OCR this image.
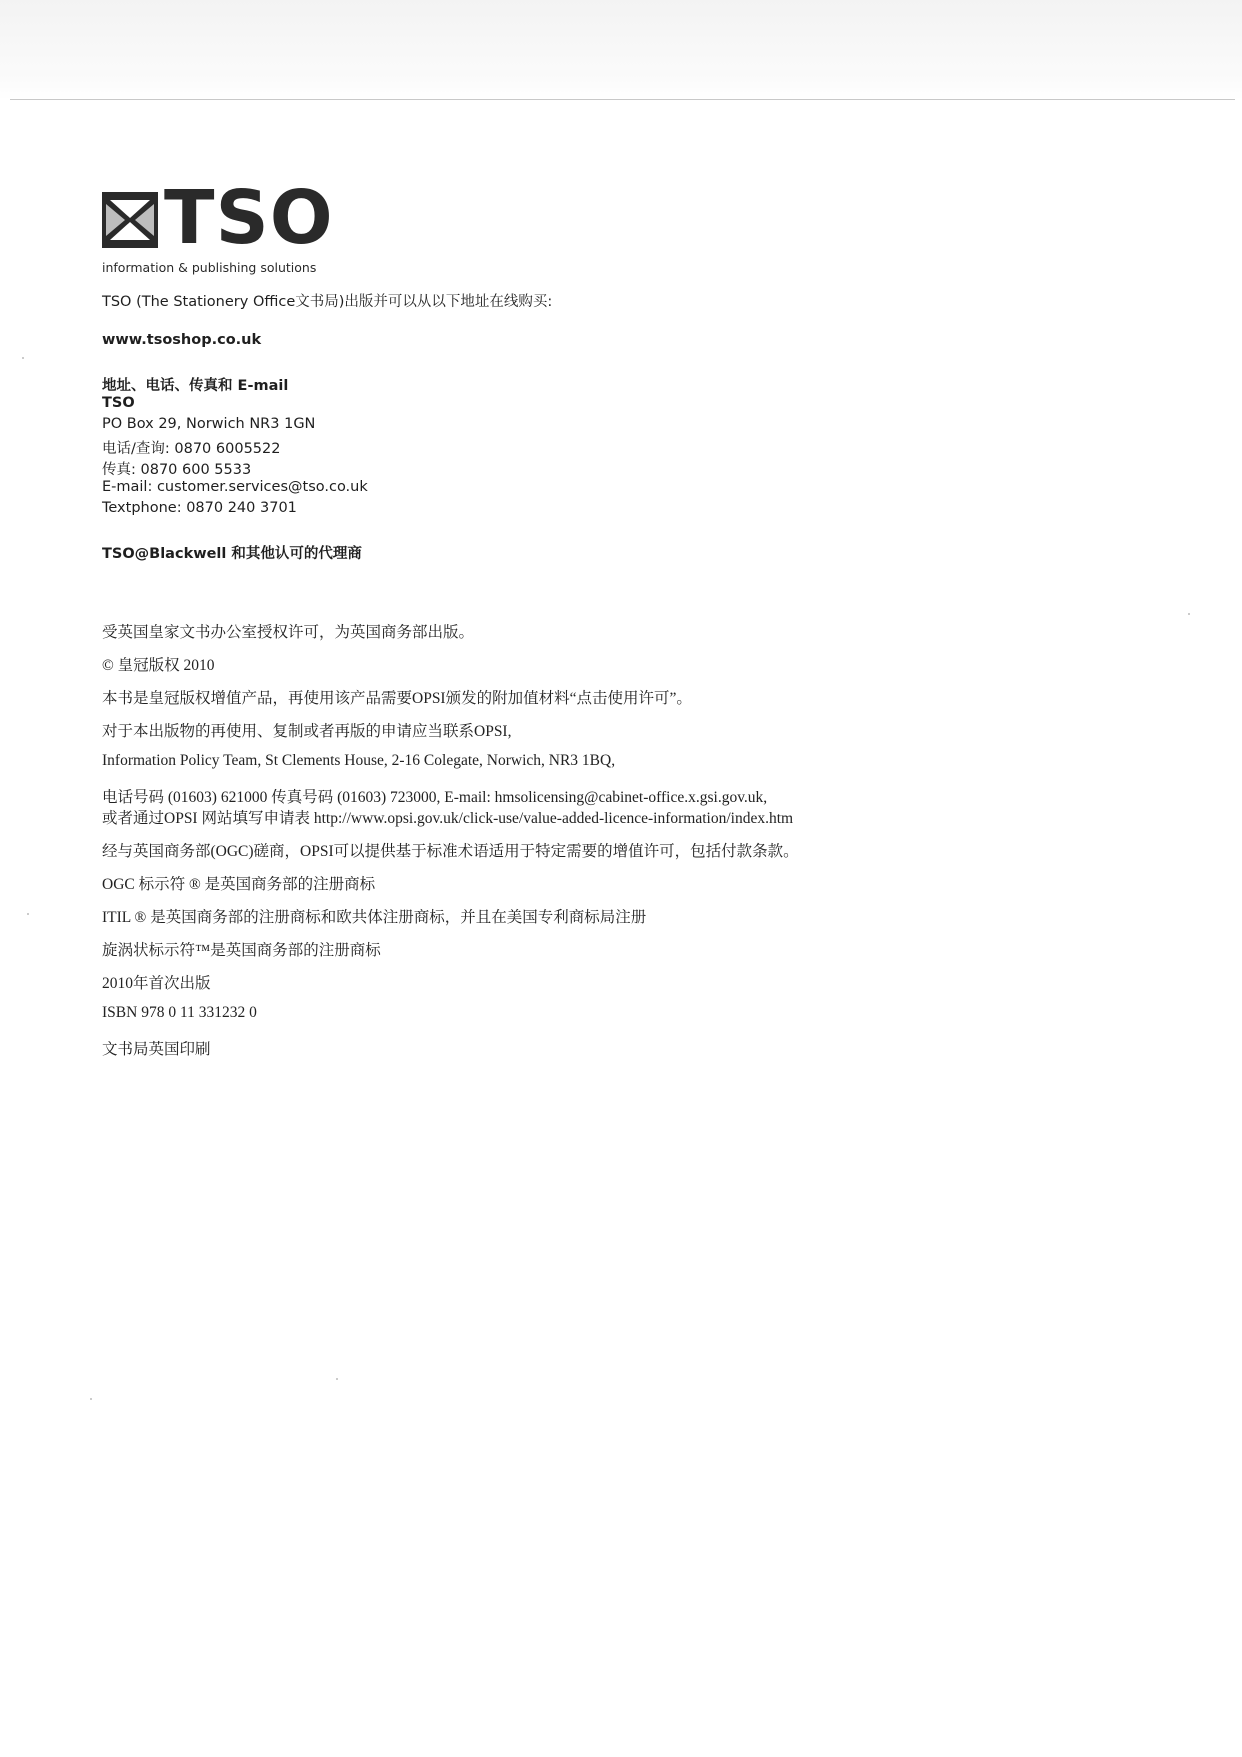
TSO
information & publishing solutions
TSO (The Stationery Office文书局)出版并可以从以下地址在线购买:
www.tsoshop.co.uk
地址、电话、传真和 E-mail
TSO
PO Box 29, Norwich NR3 1GN
电话/查询: 0870 6005522
传真: 0870 600 5533
E-mail: customer.services@tso.co.uk
Textphone: 0870 240 3701
TSO@Blackwell 和其他认可的代理商
受英国皇家文书办公室授权许可，为英国商务部出版。
© 皇冠版权 2010
本书是皇冠版权增值产品，再使用该产品需要OPSI颁发的附加值材料“点击使用许可”。
对于本出版物的再使用、复制或者再版的申请应当联系OPSI,
Information Policy Team, St Clements House, 2-16 Colegate, Norwich, NR3 1BQ,
电话号码 (01603) 621000 传真号码 (01603) 723000, E-mail: hmsolicensing@cabinet-office.x.gsi.gov.uk,
或者通过OPSI 网站填写申请表 http://www.opsi.gov.uk/click-use/value-added-licence-information/index.htm
经与英国商务部(OGC)磋商，OPSI可以提供基于标准术语适用于特定需要的增值许可，包括付款条款。
OGC 标示符 ® 是英国商务部的注册商标
ITIL ® 是英国商务部的注册商标和欧共体注册商标，并且在美国专利商标局注册
旋涡状标示符™是英国商务部的注册商标
2010年首次出版
ISBN 978 0 11 331232 0
文书局英国印刷
